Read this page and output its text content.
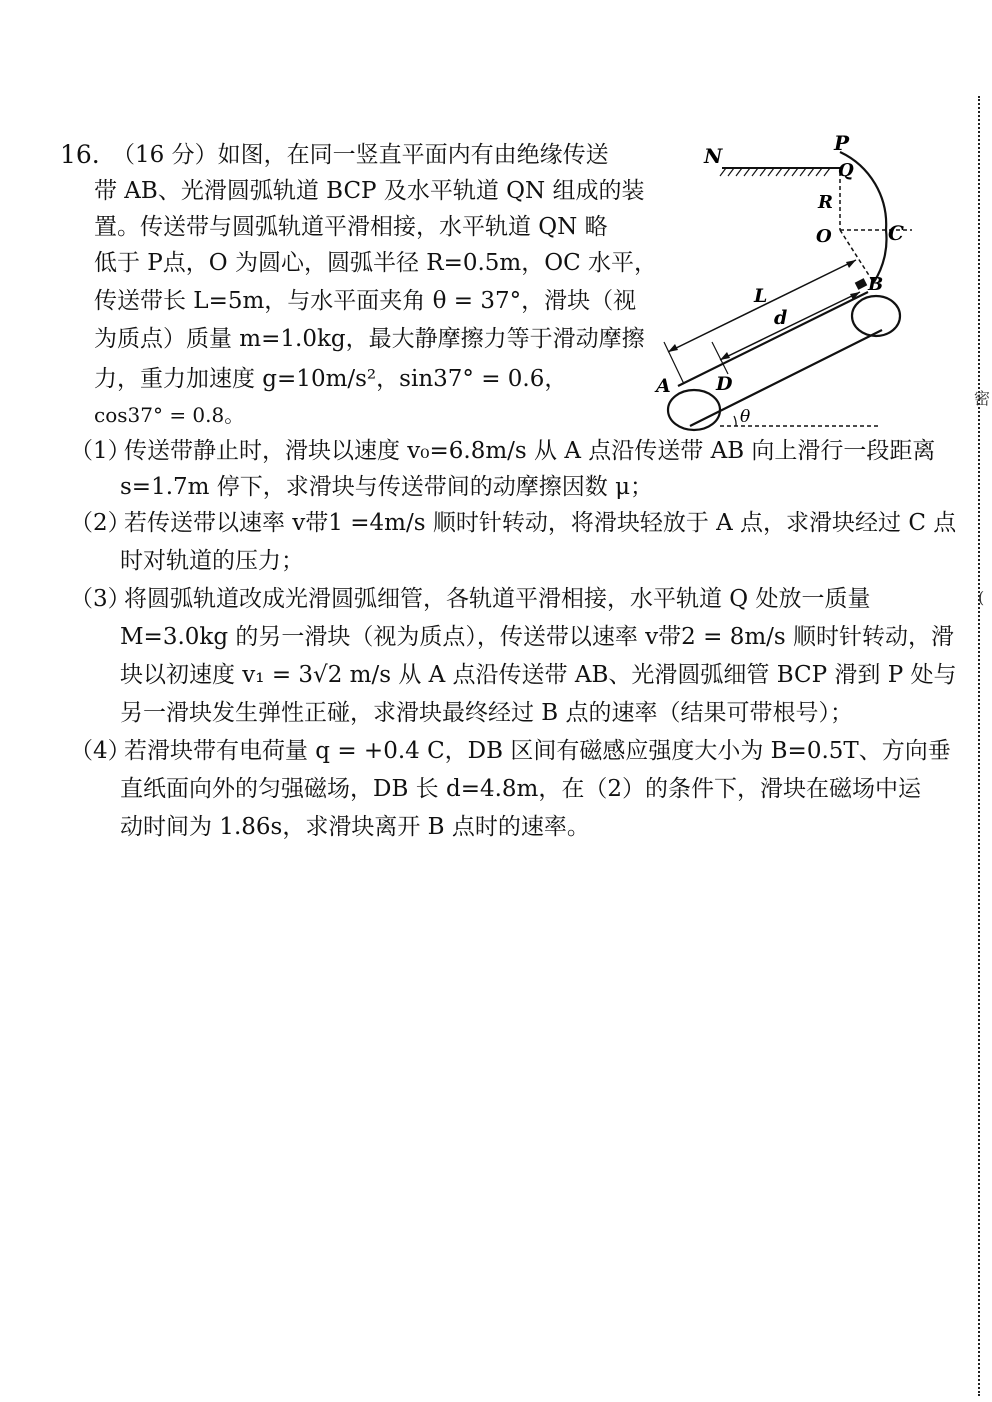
密
(
16. （16 分）如图，在同一竖直平面内有由绝缘传送
带 AB、光滑圆弧轨道 BCP 及水平轨道 QN 组成的装
置。传送带与圆弧轨道平滑相接，水平轨道 QN 略
低于 P点，O 为圆心，圆弧半径 R=0.5m，OC 水平，
传送带长 L=5m，与水平面夹角 θ = 37°，滑块（视
为质点）质量 m=1.0kg，最大静摩擦力等于滑动摩擦
力，重力加速度 g=10m/s²，sin37° = 0.6，
cos37° = 0.8。
（1）
传送带静止时，滑块以速度 v₀=6.8m/s 从 A 点沿传送带 AB 向上滑行一段距离
s=1.7m 停下，求滑块与传送带间的动摩擦因数 μ；
（2）
若传送带以速率 v带1 =4m/s 顺时针转动，将滑块轻放于 A 点，求滑块经过 C 点
时对轨道的压力；
（3）
将圆弧轨道改成光滑圆弧细管，各轨道平滑相接，水平轨道 Q 处放一质量
M=3.0kg 的另一滑块（视为质点），传送带以速率 v带2 = 8m/s 顺时针转动，滑
块以初速度 v₁ = 3√2 m/s 从 A 点沿传送带 AB、光滑圆弧细管 BCP 滑到 P 处与
另一滑块发生弹性正碰，求滑块最终经过 B 点的速率（结果可带根号）；
（4）
若滑块带有电荷量 q = +0.4 C，DB 区间有磁感应强度大小为 B=0.5T、方向垂
直纸面向外的匀强磁场，DB 长 d=4.8m，在（2）的条件下，滑块在磁场中运
动时间为 1.86s，求滑块离开 B 点时的速率。
N
P
Q
R
O	C
B
L
d
A D
θ
